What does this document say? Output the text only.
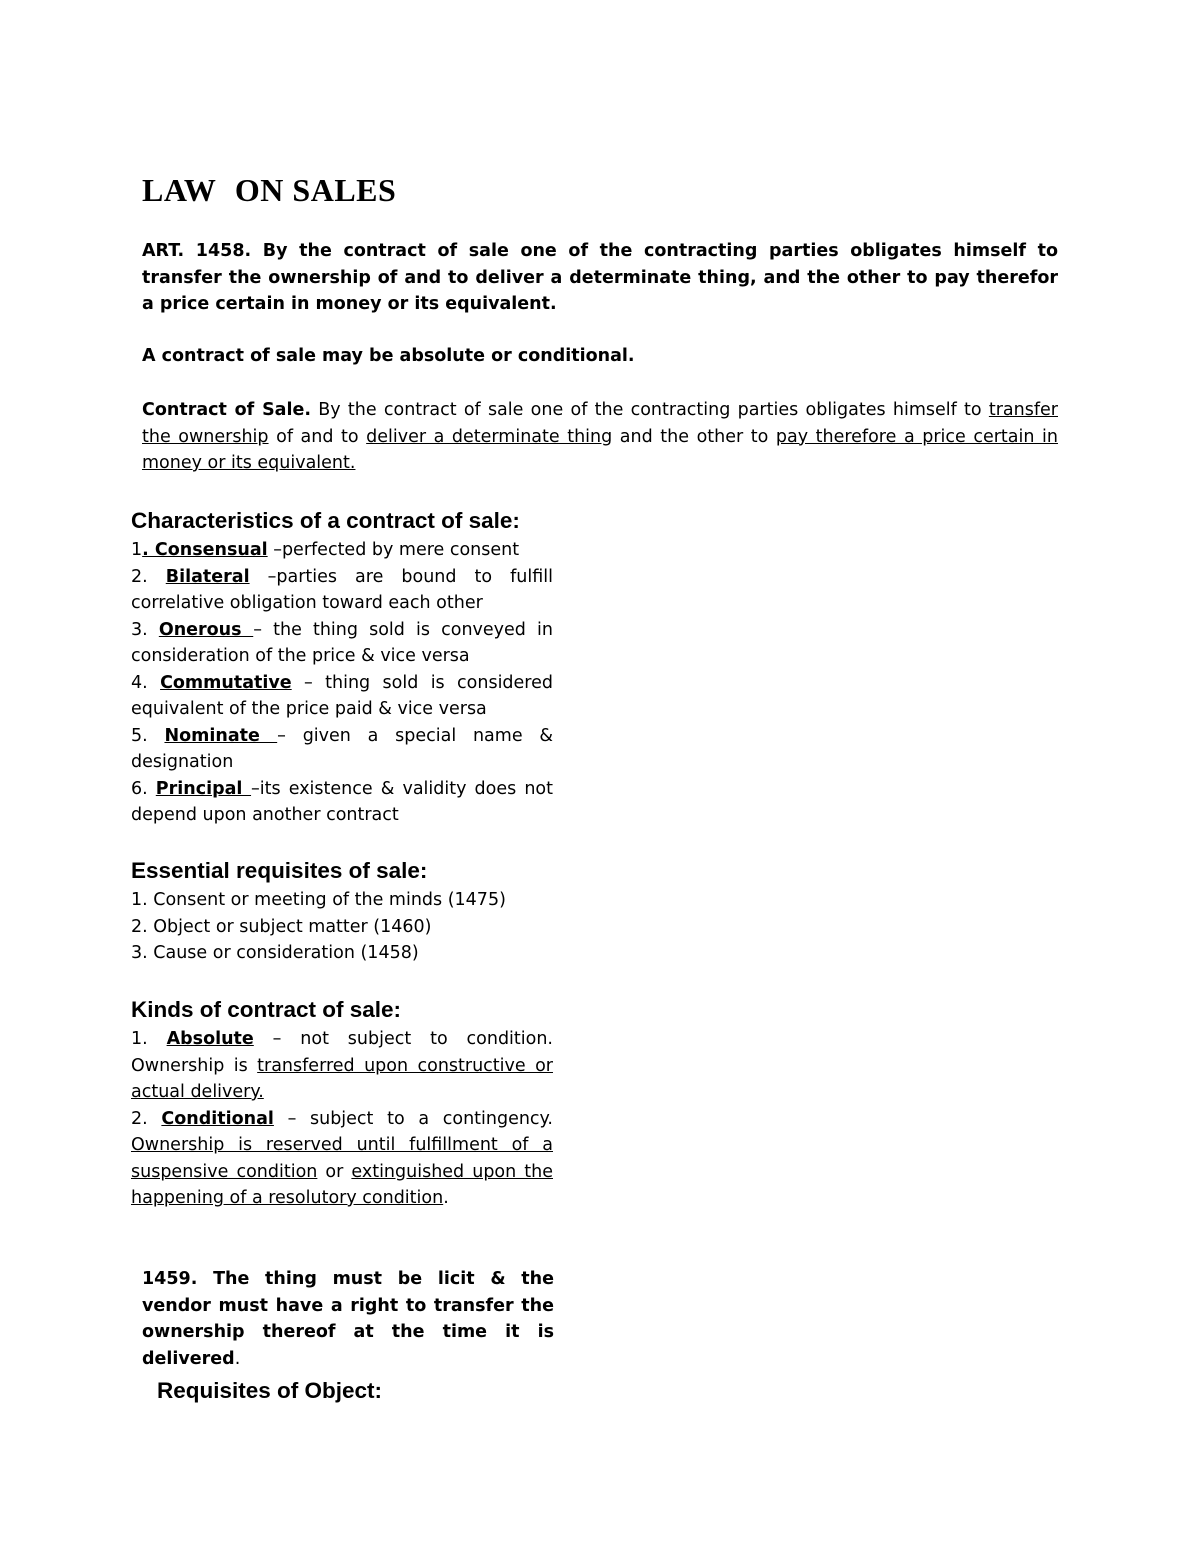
LAW ON SALES

ART. 1458. By the contract of sale one of the contracting parties obligates himself to transfer the ownership of and to deliver a determinate thing, and the other to pay therefor a price certain in money or its equivalent.

A contract of sale may be absolute or conditional.

Contract of Sale. By the contract of sale one of the contracting parties obligates himself to transfer the ownership of and to deliver a determinate thing and the other to pay therefore a price certain in money or its equivalent.

Characteristics of a contract of sale:
1. Consensual –perfected by mere consent
2. Bilateral –parties are bound to fulfill correlative obligation toward each other
3. Onerous – the thing sold is conveyed in consideration of the price & vice versa
4. Commutative – thing sold is considered equivalent of the price paid & vice versa
5. Nominate – given a special name & designation
6. Principal –its existence & validity does not depend upon another contract
Essential requisites of sale:
1. Consent or meeting of the minds (1475)
2. Object or subject matter (1460)
3. Cause or consideration (1458)
Kinds of contract of sale:
1. Absolute – not subject to condition. Ownership is transferred upon constructive or actual delivery.
2. Conditional – subject to a contingency. Ownership is reserved until fulfillment of a suspensive condition or extinguished upon the happening of a resolutory condition.

1459. The thing must be licit & the vendor must have a right to transfer the ownership thereof at the time it is delivered.

Requisites of Object:
